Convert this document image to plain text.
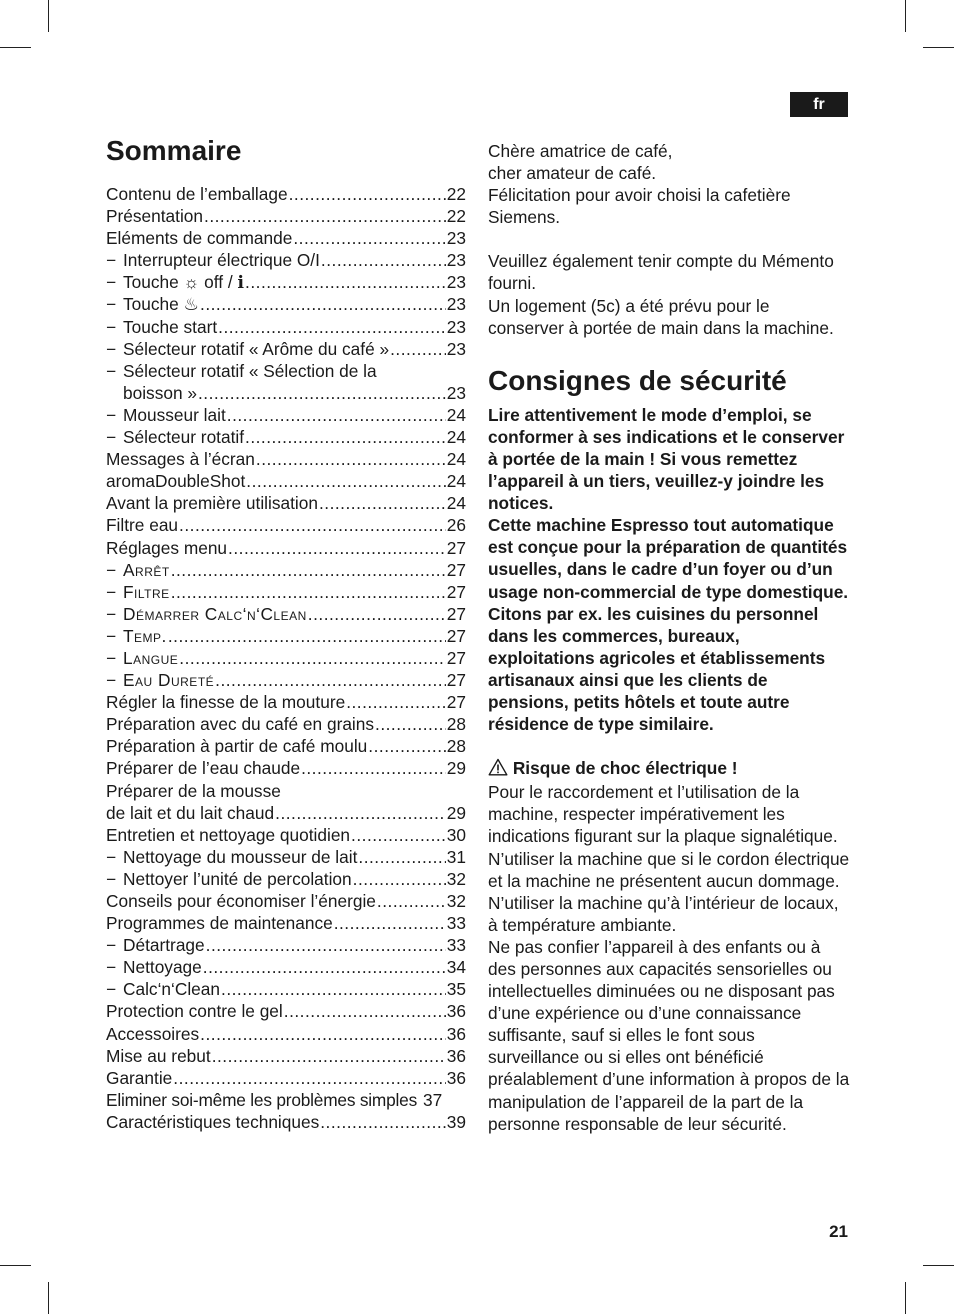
fr
Sommaire
Contenu de l’emballage .....	22
Présentation .....	22
Eléments de commande .....	23
− Interrupteur électrique O/I .....	23
− Touche ☼ off / ℹ .....	23
− Touche ♨ .....	23
− Touche start .....	23
− Sélecteur rotatif « Arôme du café » .....	23
− Sélecteur rotatif « Sélection de la
boisson » .....	23
− Mousseur lait .....	24
− Sélecteur rotatif .....	24
Messages à l’écran .....	24
aromaDoubleShot .....	24
Avant la première utilisation .....	24
Filtre eau .....	26
Réglages menu .....	27
− Arrêt .....	27
− Filtre .....	27
− Démarrer Calc‘n‘Clean .....	27
− Temp. .....	27
− Langue .....	27
− Eau Dureté .....	27
Régler la finesse de la mouture .....	27
Préparation avec du café en grains .....	28
Préparation à partir de café moulu .....	28
Préparer de l’eau chaude .....	29
Préparer de la mousse
de lait et du lait chaud .....	29
Entretien et nettoyage quotidien .....	30
− Nettoyage du mousseur de lait .....	31
− Nettoyer l’unité de percolation .....	32
Conseils pour économiser l’énergie .....	32
Programmes de maintenance .....	33
− Détartrage .....	33
− Nettoyage .....	34
− Calc‘n‘Clean .....	35
Protection contre le gel .....	36
Accessoires .....	36
Mise au rebut .....	36
Garantie .....	36
Eliminer soi-même les problèmes simples 37
Caractéristiques techniques .....	39

Chère amatrice de café,

cher amateur de café.

Félicitation pour avoir choisi la cafetière Siemens.

Veuillez également tenir compte du Mémento fourni.

Un logement (5c) a été prévu pour le conserver à portée de main dans la machine.

Consignes de sécurité

Lire attentivement le mode d’emploi, se conformer à ses indications et le conserver à portée de la main ! Si vous remettez l’appareil à un tiers, veuillez-y joindre les notices.

Cette machine Espresso tout automatique est conçue pour la préparation de quantités usuelles, dans le cadre d’un foyer ou d’un usage non-commercial de type domestique. Citons par ex. les cuisines du personnel dans les commerces, bureaux, exploitations agricoles et établissements artisanaux ainsi que les clients de pensions, petits hôtels et toute autre résidence de type similaire.

Risque de choc électrique !

Pour le raccordement et l’utilisation de la machine, respecter impérativement les indications figurant sur la plaque signalétique.

N’utiliser la machine que si le cordon électrique et la machine ne présentent aucun dommage.

N’utiliser la machine qu’à l’intérieur de locaux, à température ambiante.

Ne pas confier l’appareil à des enfants ou à des personnes aux capacités sensorielles ou intellectuelles diminuées ou ne disposant pas d’une expérience ou d’une connaissance suffisante, sauf si elles le font sous surveillance ou si elles ont bénéficié préalablement d’une information à propos de la manipulation de l’appareil de la part de la personne responsable de leur sécurité.

21
